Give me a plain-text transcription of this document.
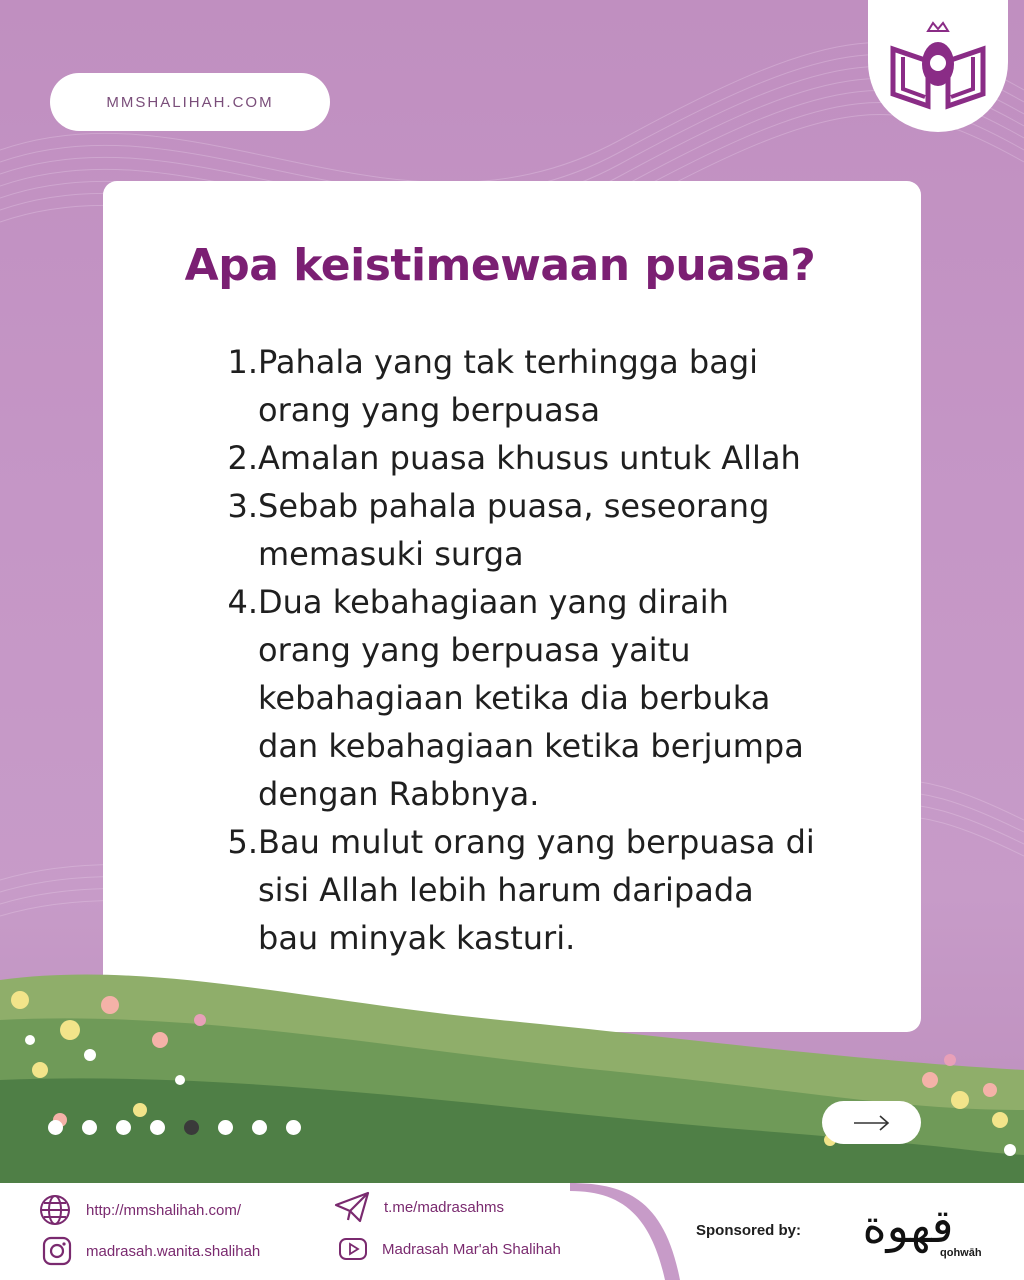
MMSHALIHAH.COM
Apa keistimewaan puasa?
1. Pahala yang tak terhingga bagi
orang yang berpuasa
2. Amalan puasa khusus untuk Allah
3. Sebab pahala puasa, seseorang
memasuki surga
4. Dua kebahagiaan yang diraih
orang yang berpuasa yaitu
kebahagiaan ketika dia berbuka
dan kebahagiaan ketika berjumpa
dengan Rabbnya.
5. Bau mulut orang yang berpuasa di
sisi Allah lebih harum daripada
bau minyak kasturi.
http://mmshalihah.com/
madrasah.wanita.shalihah
t.me/madrasahms
Madrasah Mar'ah Shalihah
Sponsored by:	قهوة
qohwāh
